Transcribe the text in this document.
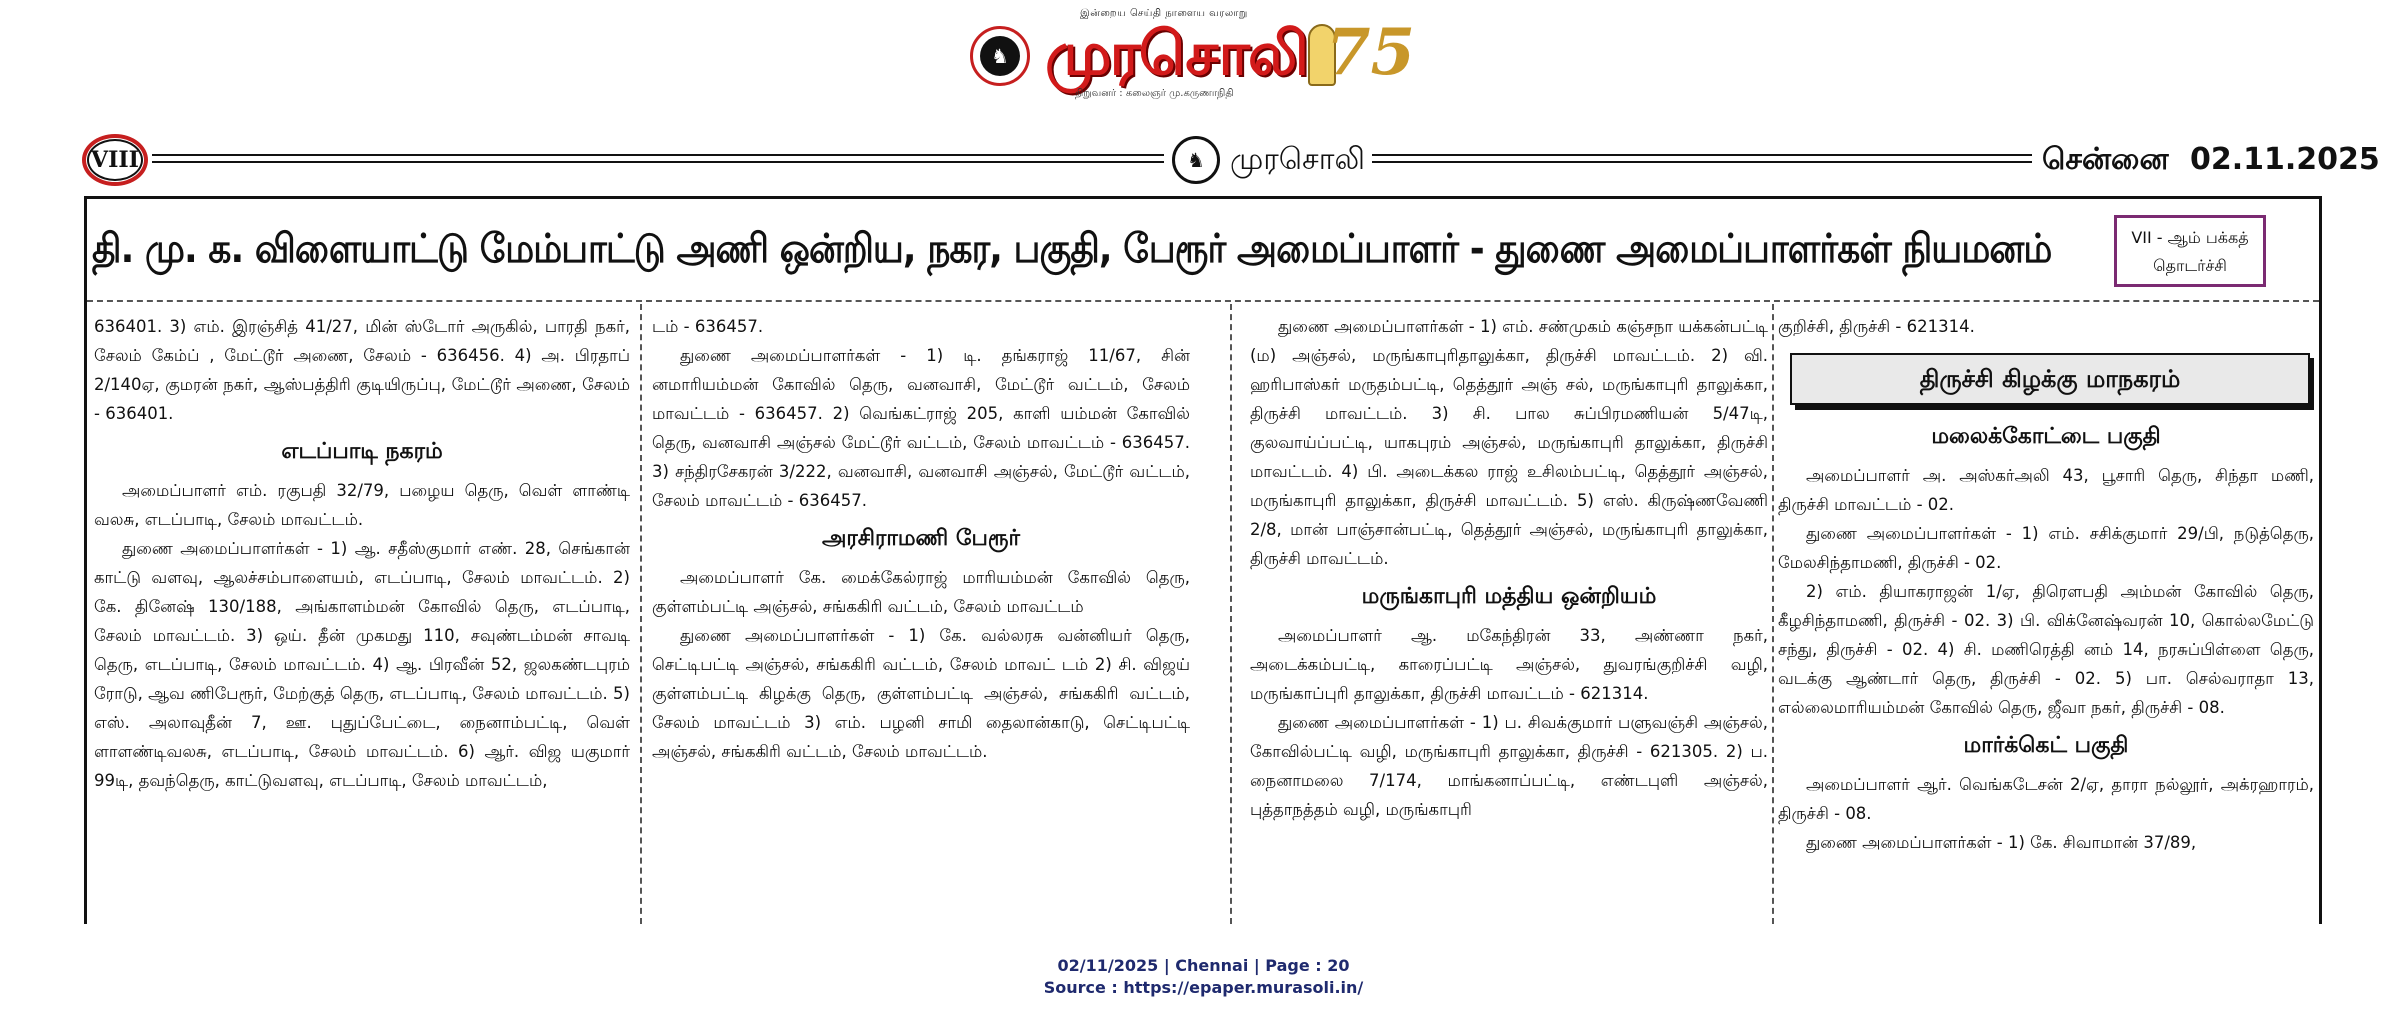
இன்றைய செய்தி நாளைய வரலாறு
♞ முரசொலி
நிறுவனர் : கலைஞர் மு.கருணாநிதி
75
VIII	♞ முரசொலி	சென்னை 02.11.2025
தி. மு. க. விளையாட்டு மேம்பாட்டு அணி ஒன்றிய, நகர, பகுதி, பேரூர் அமைப்பாளர் - துணை அமைப்பாளர்கள் நியமனம்	VII - ஆம் பக்கத்
தொடர்ச்சி

636401. 3) எம். இரஞ்சித் 41/27, மின் ஸ்டோர் அருகில், பாரதி நகர், சேலம் கேம்ப் , மேட்டூர் அணை, சேலம் - 636456. 4) அ. பிரதாப் 2/140ஏ, குமரன் நகர், ஆஸ்பத்திரி குடியிருப்பு, மேட்டூர் அணை, சேலம் - 636401.

எடப்பாடி நகரம்

அமைப்பாளர் எம். ரகுபதி 32/79, பழைய தெரு, வெள் ளாண்டி வலசு, எடப்பாடி, சேலம் மாவட்டம்.

துணை அமைப்பாளர்கள் - 1) ஆ. சதீஸ்குமார் எண். 28, செங்கான் காட்டு வளவு, ஆலச்சம்பாளையம், எடப்பாடி, சேலம் மாவட்டம். 2) கே. தினேஷ் 130/188, அங்காளம்மன் கோவில் தெரு, எடப்பாடி, சேலம் மாவட்டம். 3) ஒய். தீன் முகமது 110, சவுண்டம்மன் சாவடி தெரு, எடப்பாடி, சேலம் மாவட்டம். 4) ஆ. பிரவீன் 52, ஜலகண்டபுரம் ரோடு, ஆவ ணிபேரூர், மேற்குத் தெரு, எடப்பாடி, சேலம் மாவட்டம். 5) எஸ். அலாவுதீன் 7, ஊ. புதுப்பேட்டை, நைனாம்பட்டி, வெள் ளாளண்டிவலசு, எடப்பாடி, சேலம் மாவட்டம். 6) ஆர். விஜ யகுமார் 99டி, தவந்தெரு, காட்டுவளவு, எடப்பாடி, சேலம் மாவட்டம்,

டம் - 636457.

துணை அமைப்பாளர்கள் - 1) டி. தங்கராஜ் 11/67, சின் னமாரியம்மன் கோவில் தெரு, வனவாசி, மேட்டூர் வட்டம், சேலம் மாவட்டம் - 636457. 2) வெங்கட்ராஜ் 205, காளி யம்மன் கோவில் தெரு, வனவாசி அஞ்சல் மேட்டூர் வட்டம், சேலம் மாவட்டம் - 636457. 3) சந்திரசேகரன் 3/222, வனவாசி, வனவாசி அஞ்சல், மேட்டூர் வட்டம், சேலம் மாவட்டம் - 636457.

அரசிராமணி பேரூர்

அமைப்பாளர் கே. மைக்கேல்ராஜ் மாரியம்மன் கோவில் தெரு, குள்ளம்பட்டி அஞ்சல், சங்ககிரி வட்டம், சேலம் மாவட்டம்

துணை அமைப்பாளர்கள் - 1) கே. வல்லரசு வன்னியர் தெரு, செட்டிபட்டி அஞ்சல், சங்ககிரி வட்டம், சேலம் மாவட் டம் 2) சி. விஜய் குள்ளம்பட்டி கிழக்கு தெரு, குள்ளம்பட்டி அஞ்சல், சங்ககிரி வட்டம், சேலம் மாவட்டம் 3) எம். பழனி சாமி தைலான்காடு, செட்டிபட்டி அஞ்சல், சங்ககிரி வட்டம், சேலம் மாவட்டம்.

துணை அமைப்பாளர்கள் - 1) எம். சண்முகம் கஞ்சநா யக்கன்பட்டி (ம) அஞ்சல், மருங்காபுரிதாலுக்கா, திருச்சி மாவட்டம். 2) வி. ஹரிபாஸ்கர் மருதம்பட்டி, தெத்தூர் அஞ் சல், மருங்காபுரி தாலுக்கா, திருச்சி மாவட்டம். 3) சி. பால சுப்பிரமணியன் 5/47டி, குலவாய்ப்பட்டி, யாகபுரம் அஞ்சல், மருங்காபுரி தாலுக்கா, திருச்சி மாவட்டம். 4) பி. அடைக்கல ராஜ் உசிலம்பட்டி, தெத்தூர் அஞ்சல், மருங்காபுரி தாலுக்கா, திருச்சி மாவட்டம். 5) எஸ். கிருஷ்ணவேணி 2/8, மான் பாஞ்சான்பட்டி, தெத்தூர் அஞ்சல், மருங்காபுரி தாலுக்கா, திருச்சி மாவட்டம்.

மருங்காபுரி மத்திய ஒன்றியம்

அமைப்பாளர் ஆ. மகேந்திரன் 33, அண்ணா நகர், அடைக்கம்பட்டி, காரைப்பட்டி அஞ்சல், துவரங்குறிச்சி வழி, மருங்காப்புரி தாலுக்கா, திருச்சி மாவட்டம் - 621314.

துணை அமைப்பாளர்கள் - 1) ப. சிவக்குமார் பளுவஞ்சி அஞ்சல், கோவில்பட்டி வழி, மருங்காபுரி தாலுக்கா, திருச்சி - 621305. 2) ப. நைனாமலை 7/174, மாங்கனாப்பட்டி, எண்டபுளி அஞ்சல், புத்தாநத்தம் வழி, மருங்காபுரி

குறிச்சி, திருச்சி - 621314.

திருச்சி கிழக்கு மாநகரம்

மலைக்கோட்டை பகுதி

அமைப்பாளர் அ. அஸ்கர்அலி 43, பூசாரி தெரு, சிந்தா மணி, திருச்சி மாவட்டம் - 02.

துணை அமைப்பாளர்கள் - 1) எம். சசிக்குமார் 29/பி, நடுத்தெரு, மேலசிந்தாமணி, திருச்சி - 02.

2) எம். தியாகராஜன் 1/ஏ, திரௌபதி அம்மன் கோவில் தெரு, கீழசிந்தாமணி, திருச்சி - 02. 3) பி. விக்னேஷ்வரன் 10, கொல்லமேட்டு சந்து, திருச்சி - 02. 4) சி. மணிரெத்தி னம் 14, நரசுப்பிள்ளை தெரு, வடக்கு ஆண்டார் தெரு, திருச்சி - 02. 5) பா. செல்வராதா 13, எல்லைமாரியம்மன் கோவில் தெரு, ஜீவா நகர், திருச்சி - 08.

மார்க்கெட் பகுதி

அமைப்பாளர் ஆர். வெங்கடேசன் 2/ஏ, தாரா நல்லூர், அக்ரஹாரம், திருச்சி - 08.

துணை அமைப்பாளர்கள் - 1) கே. சிவாமான் 37/89,

02/11/2025 | Chennai | Page : 20
Source : https://epaper.murasoli.in/
